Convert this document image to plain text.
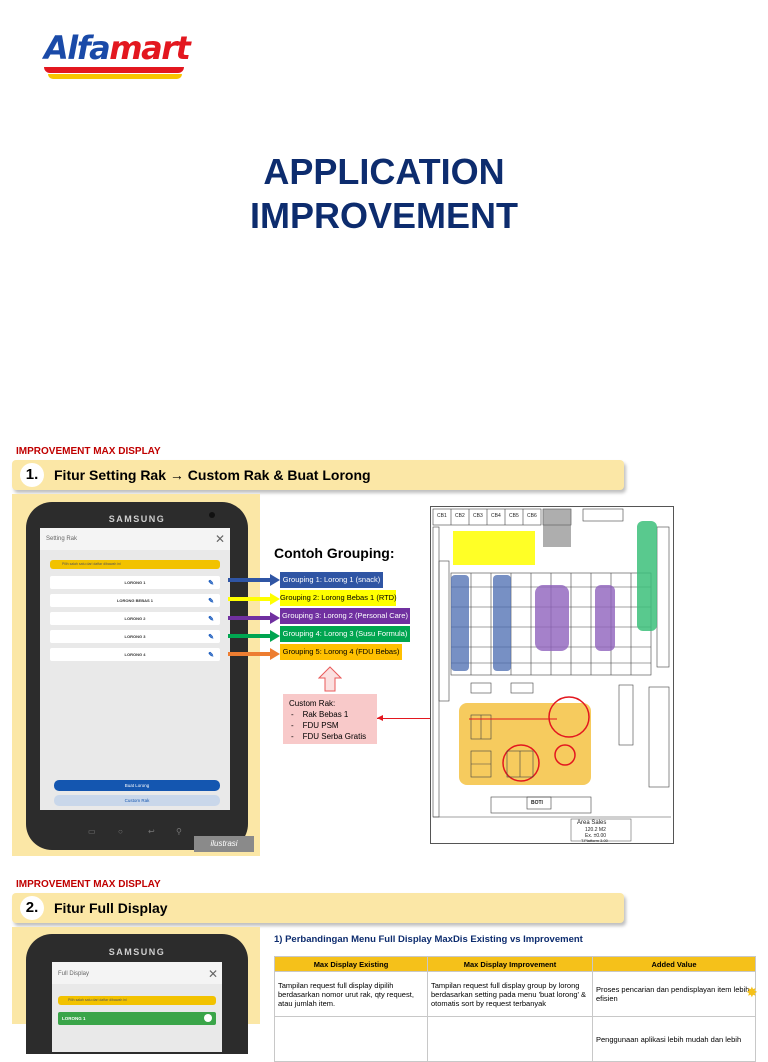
Alfamart
APPLICATION
IMPROVEMENT
IMPROVEMENT MAX DISPLAY
1.	Fitur Setting Rak → Custom Rak & Buat Lorong
SAMSUNG
Setting Rak	✕
Pilih salah satu dari daftar dibawah ini
LORONG 1	✎
LORONG BEBAS 1	✎
LORONG 2	✎
LORONG 3	✎
LORONG 4	✎
Buat Lorong
Custom Rak
▭	○	↩	⚲
ilustrasi
Contoh Grouping:
Grouping 1: Lorong 1 (snack)
Grouping 2: Lorong Bebas 1 (RTD)
Grouping 3: Lorong 2 (Personal Care)
Grouping 4: Lorong 3 (Susu Formula)
Grouping 5: Lorong 4 (FDU Bebas)
Custom Rak:
-    Rak Bebas 1
-    FDU PSM
-    FDU Serba Gratis
CB1 CB2 CB3 CB4 CB5 CB6
BOTI
Area Sales
120.2 M2
Ex. ±0.00
T.Platform 3.00
IMPROVEMENT MAX DISPLAY
2.	Fitur Full Display
SAMSUNG
Full Display	✕
Pilih salah satu dari daftar dibawah ini
LORONG 1
1) Perbandingan Menu Full Display MaxDis Existing vs Improvement
Max Display Existing	Max Display Improvement	Added Value
Tampilan request full display dipilih berdasarkan nomor urut rak, qty request, atau jumlah item.	Tampilan request full display group by lorong berdasarkan setting pada menu 'buat lorong' & otomatis sort by request terbanyak	Proses pencarian dan pendisplayan item lebih efisien
		Penggunaan aplikasi lebih mudah dan lebih
✸
